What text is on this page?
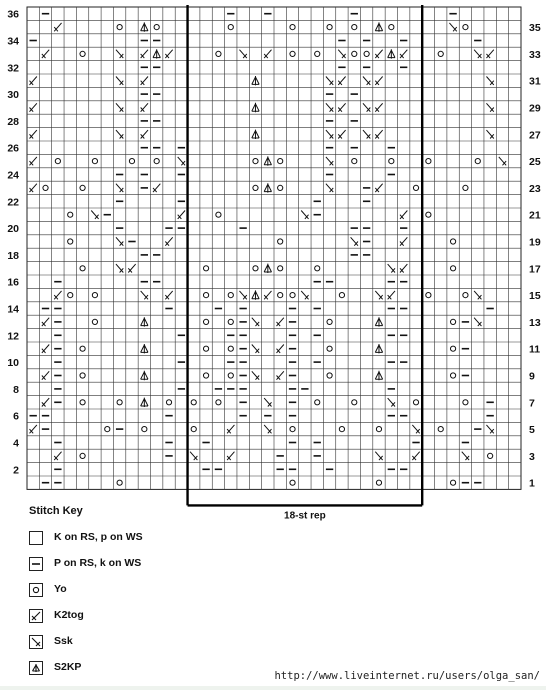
18-st rep
2
4
6
8
10
12
14
16
18
20
22
24
26
28
30
32
34
36
1
3
5
7
9
11
13
15
17
19
21
23
25
27
29
31
33
35
Stitch Key
K on RS, p on WS
P on RS, k on WS
Yo
K2tog
Ssk
S2KP
http://www.liveinternet.ru/users/olga_san/
